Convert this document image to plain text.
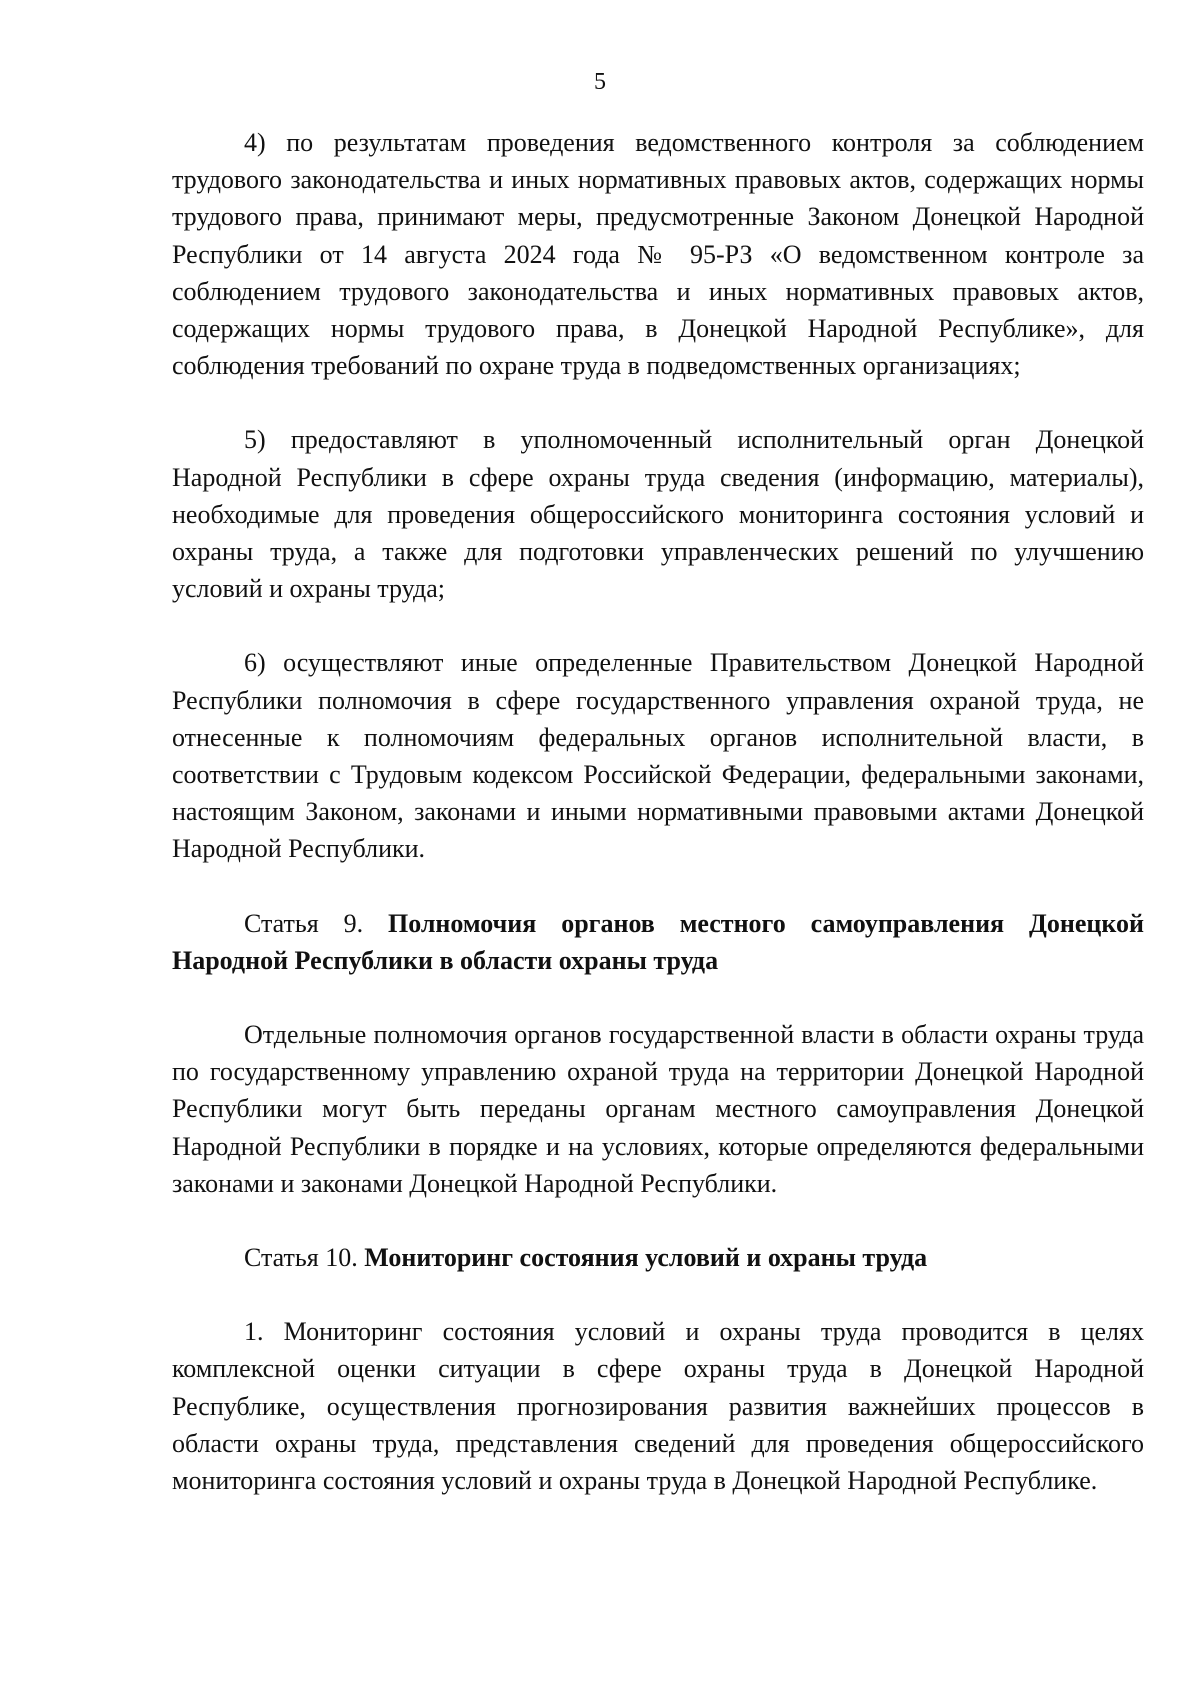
5

4) по результатам проведения ведомственного контроля за соблюдением трудового законодательства и иных нормативных правовых актов, содержащих нормы трудового права, принимают меры, предусмотренные Законом Донецкой Народной Республики от 14 августа 2024 года № 95-РЗ «О ведомственном контроле за соблюдением трудового законодательства и иных нормативных правовых актов, содержащих нормы трудового права, в Донецкой Народной Республике», для соблюдения требований по охране труда в подведомственных организациях;

5) предоставляют в уполномоченный исполнительный орган Донецкой Народной Республики в сфере охраны труда сведения (информацию, материалы), необходимые для проведения общероссийского мониторинга состояния условий и охраны труда, а также для подготовки управленческих решений по улучшению условий и охраны труда;

6) осуществляют иные определенные Правительством Донецкой Народной Республики полномочия в сфере государственного управления охраной труда, не отнесенные к полномочиям федеральных органов исполнительной власти, в соответствии с Трудовым кодексом Российской Федерации, федеральными законами, настоящим Законом, законами и иными нормативными правовыми актами Донецкой Народной Республики.

Статья 9. Полномочия органов местного самоуправления Донецкой Народной Республики в области охраны труда

Отдельные полномочия органов государственной власти в области охраны труда по государственному управлению охраной труда на территории Донецкой Народной Республики могут быть переданы органам местного самоуправления Донецкой Народной Республики в порядке и на условиях, которые определяются федеральными законами и законами Донецкой Народной Республики.

Статья 10. Мониторинг состояния условий и охраны труда

1. Мониторинг состояния условий и охраны труда проводится в целях комплексной оценки ситуации в сфере охраны труда в Донецкой Народной Республике, осуществления прогнозирования развития важнейших процессов в области охраны труда, представления сведений для проведения общероссийского мониторинга состояния условий и охраны труда в Донецкой Народной Республике.
